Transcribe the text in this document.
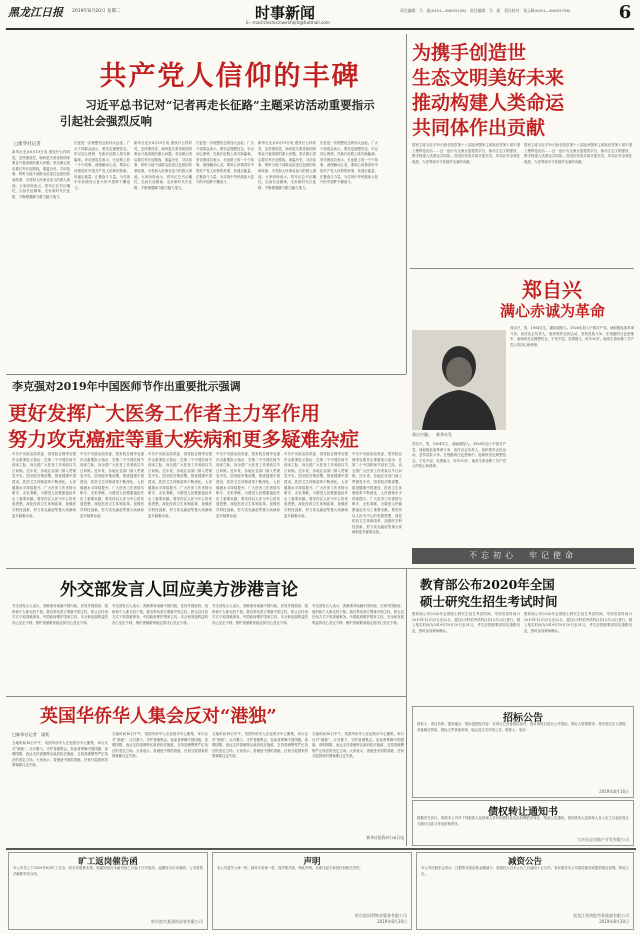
黑龙江日报	2019年8月20日 星期二	时事新闻
E—mail:shishixinwenhljrb@hotmail.com
责任编辑：马　超(0451—84655156)　责任编辑：马　超　责任校对：张云峰(0451—84655756)	6
共产党人信仰的丰碑
习近平总书记对“记者再走长征路”主题采访活动重要指示
引起社会强烈反响
□新华社记者
新华社北京8月19日电 建设什么样的党，怎样建设党，始终是关系党和国家事业兴衰成败的重大问题。采访团记者沿着红军长征路线，重温历史，寻访故事，聆听当地干部群众讲述红色基因传承故事，为党和人民事业奋斗的感人事迹。大家纷纷表示，将牢记总书记嘱托，弘扬长征精神，走好新时代长征路，不断增强脚力眼力脑力笔力。
长征是一次理想信念的伟大远征。广大干部群众表示，要坚定理想信念，牢记初心使命，在新长征路上续写新篇章。采访团成员表示，长征路上的一个个故事，深深触动心灵，要用心用情讲好中国共产党人信仰的故事，传递正能量，汇聚奋斗力量，为实现中华民族伟大复兴的中国梦不懈奋斗。
新华社北京8月19日电 建设什么样的党，怎样建设党，始终是关系党和国家事业兴衰成败的重大问题。采访团记者沿着红军长征路线，重温历史，寻访故事，聆听当地干部群众讲述红色基因传承故事，为党和人民事业奋斗的感人事迹。大家纷纷表示，将牢记总书记嘱托，弘扬长征精神，走好新时代长征路，不断增强脚力眼力脑力笔力。
长征是一次理想信念的伟大远征。广大干部群众表示，要坚定理想信念，牢记初心使命，在新长征路上续写新篇章。采访团成员表示，长征路上的一个个故事，深深触动心灵，要用心用情讲好中国共产党人信仰的故事，传递正能量，汇聚奋斗力量，为实现中华民族伟大复兴的中国梦不懈奋斗。
新华社北京8月19日电 建设什么样的党，怎样建设党，始终是关系党和国家事业兴衰成败的重大问题。采访团记者沿着红军长征路线，重温历史，寻访故事，聆听当地干部群众讲述红色基因传承故事，为党和人民事业奋斗的感人事迹。大家纷纷表示，将牢记总书记嘱托，弘扬长征精神，走好新时代长征路，不断增强脚力眼力脑力笔力。
长征是一次理想信念的伟大远征。广大干部群众表示，要坚定理想信念，牢记初心使命，在新长征路上续写新篇章。采访团成员表示，长征路上的一个个故事，深深触动心灵，要用心用情讲好中国共产党人信仰的故事，传递正能量，汇聚奋斗力量，为实现中华民族伟大复兴的中国梦不懈奋斗。
为携手创造世
生态文明美好未来
推动构建人类命运
共同体作出贡献
国家主席习近平19日致信祝贺第十八届亚洲国家主席致信贺第十届中国工程科技论坛……这一论坛为交流互鉴提供平台，推动生态文明建设，携手构建人类命运共同体。各国应坚持共商共建共享，共同应对全球性挑战，为世界和平与发展作出新的贡献。
国家主席习近平19日致信祝贺第十八届亚洲国家主席致信贺第十届中国工程科技论坛……这一论坛为交流互鉴提供平台，推动生态文明建设，携手构建人类命运共同体。各国应坚持共商共建共享，共同应对全球性挑战，为世界和平与发展作出新的贡献。
郑自兴
满心赤诚为革命
郑自兴像。　新华社发
郑自兴，男，1904年生，湖南浏阳人。1926年加入中国共产党。他积极参加革命斗争，担任农会负责人，组织领导农民运动，坚持武装斗争。在残酷的白色恐怖中，他始终坚定理想信念，宁死不屈，英勇就义，时年30岁。他用生命诠释了共产党人的初心和使命。
郑自兴，男，1904年生，湖南浏阳人。1926年加入中国共产党。他积极参加革命斗争，担任农会负责人，组织领导农民运动，坚持武装斗争。在残酷的白色恐怖中，他始终坚定理想信念，宁死不屈，英勇就义，时年30岁。他用生命诠释了共产党人的初心和使命。
不忘初心　牢记使命
李克强对2019年中国医师节作出重要批示强调
更好发挥广大医务工作者主力军作用
努力攻克癌症等重大疾病和更多疑难杂症
中共中央政治局常委、国务院总理李克强作出重要批示指出：在第二个中国医师节到来之际，向全国广大医务工作者致以节日问候。近年来，各地区各部门深入贯彻党中央、国务院决策部署，推进健康中国建设，医药卫生体制改革不断深化，人民健康水平持续提升。广大医务工作者恪尽职守、无私奉献，为增进人民健康福祉作出了重要贡献。要坚持以人民为中心的发展思想，深化医药卫生体制改革，加强医学科技创新，努力攻克癌症等重大疾病和更多疑难杂症。
中共中央政治局常委、国务院总理李克强作出重要批示指出：在第二个中国医师节到来之际，向全国广大医务工作者致以节日问候。近年来，各地区各部门深入贯彻党中央、国务院决策部署，推进健康中国建设，医药卫生体制改革不断深化，人民健康水平持续提升。广大医务工作者恪尽职守、无私奉献，为增进人民健康福祉作出了重要贡献。要坚持以人民为中心的发展思想，深化医药卫生体制改革，加强医学科技创新，努力攻克癌症等重大疾病和更多疑难杂症。
中共中央政治局常委、国务院总理李克强作出重要批示指出：在第二个中国医师节到来之际，向全国广大医务工作者致以节日问候。近年来，各地区各部门深入贯彻党中央、国务院决策部署，推进健康中国建设，医药卫生体制改革不断深化，人民健康水平持续提升。广大医务工作者恪尽职守、无私奉献，为增进人民健康福祉作出了重要贡献。要坚持以人民为中心的发展思想，深化医药卫生体制改革，加强医学科技创新，努力攻克癌症等重大疾病和更多疑难杂症。
中共中央政治局常委、国务院总理李克强作出重要批示指出：在第二个中国医师节到来之际，向全国广大医务工作者致以节日问候。近年来，各地区各部门深入贯彻党中央、国务院决策部署，推进健康中国建设，医药卫生体制改革不断深化，人民健康水平持续提升。广大医务工作者恪尽职守、无私奉献，为增进人民健康福祉作出了重要贡献。要坚持以人民为中心的发展思想，深化医药卫生体制改革，加强医学科技创新，努力攻克癌症等重大疾病和更多疑难杂症。
中共中央政治局常委、国务院总理李克强作出重要批示指出：在第二个中国医师节到来之际，向全国广大医务工作者致以节日问候。近年来，各地区各部门深入贯彻党中央、国务院决策部署，推进健康中国建设，医药卫生体制改革不断深化，人民健康水平持续提升。广大医务工作者恪尽职守、无私奉献，为增进人民健康福祉作出了重要贡献。要坚持以人民为中心的发展思想，深化医药卫生体制改革，加强医学科技创新，努力攻克癌症等重大疾病和更多疑难杂症。
中共中央政治局常委、国务院总理李克强作出重要批示指出：在第二个中国医师节到来之际，向全国广大医务工作者致以节日问候。近年来，各地区各部门深入贯彻党中央、国务院决策部署，推进健康中国建设，医药卫生体制改革不断深化，人民健康水平持续提升。广大医务工作者恪尽职守、无私奉献，为增进人民健康福祉作出了重要贡献。要坚持以人民为中心的发展思想，深化医药卫生体制改革，加强医学科技创新，努力攻克癌症等重大疾病和更多疑难杂症。
外交部发言人回应美方涉港言论
外交部发言人表示，香港事务纯属中国内政，任何外国政府、组织和个人都无权干预。我们奉劝美方尊重中国主权，停止以任何方式干预香港事务。中国政府维护国家主权、安全和发展利益的决心坚定不移，维护香港繁荣稳定的决心坚定不移。
外交部发言人表示，香港事务纯属中国内政，任何外国政府、组织和个人都无权干预。我们奉劝美方尊重中国主权，停止以任何方式干预香港事务。中国政府维护国家主权、安全和发展利益的决心坚定不移，维护香港繁荣稳定的决心坚定不移。
外交部发言人表示，香港事务纯属中国内政，任何外国政府、组织和个人都无权干预。我们奉劝美方尊重中国主权，停止以任何方式干预香港事务。中国政府维护国家主权、安全和发展利益的决心坚定不移，维护香港繁荣稳定的决心坚定不移。
外交部发言人表示，香港事务纯属中国内政，任何外国政府、组织和个人都无权干预。我们奉劝美方尊重中国主权，停止以任何方式干预香港事务。中国政府维护国家主权、安全和发展利益的决心坚定不移，维护香港繁荣稳定的决心坚定不移。
英国华侨华人集会反对“港独”
□新华社记者　梁兆
当地时间18日中午，英国华侨华人在伦敦市中心聚集，举行反对“港独”、反对暴力、守护香港集会。参加者挥舞中国国旗，高唱国歌，表达支持香港特区政府依法施政、支持香港警察严正执法的坚定立场。大家表示，香港是中国的香港，任何分裂国家的图谋都注定失败。
当地时间18日中午，英国华侨华人在伦敦市中心聚集，举行反对“港独”、反对暴力、守护香港集会。参加者挥舞中国国旗，高唱国歌，表达支持香港特区政府依法施政、支持香港警察严正执法的坚定立场。大家表示，香港是中国的香港，任何分裂国家的图谋都注定失败。
当地时间18日中午，英国华侨华人在伦敦市中心聚集，举行反对“港独”、反对暴力、守护香港集会。参加者挥舞中国国旗，高唱国歌，表达支持香港特区政府依法施政、支持香港警察严正执法的坚定立场。大家表示，香港是中国的香港，任何分裂国家的图谋都注定失败。
当地时间18日中午，英国华侨华人在伦敦市中心聚集，举行反对“港独”、反对暴力、守护香港集会。参加者挥舞中国国旗，高唱国歌，表达支持香港特区政府依法施政、支持香港警察严正执法的坚定立场。大家表示，香港是中国的香港，任何分裂国家的图谋都注定失败。
新华社伦敦8月18日电
教育部公布2020年全国
硕士研究生招生考试时间
教育部公布2020年全国硕士研究生招生考试时间。考试初试时间为2019年12月21日至22日，超过3小时的考试科目在12月23日进行。网上报名时间为2019年10月10日至31日。考生应按照要求如实填报信息，按时参加现场确认。
教育部公布2020年全国硕士研究生招生考试时间。考试初试时间为2019年12月21日至22日，超过3小时的考试科目在12月23日进行。网上报名时间为2019年10月10日至31日。考生应按照要求如实填报信息，按时参加现场确认。
招标公告
招标人：项目名称：建设地点：招标范围及内容：本项目已具备招标条件，现对该项目进行公开招标。投标人资格要求：具有独立法人资格，具备相应资质。招标文件获取时间、地点及方式详见公告。联系人：电话：
2019年8月16日
债权转让通知书
根据有关协议，现将本公司对下列借款人及担保人享有的债权及其从权利依法转让，特此公告通知。请各债务人及担保人自公告之日起向受让方履行还款义务及担保责任。
大庆佳垚房地产开发有限公司
旷工返岗催告函
本公司员工于2019年8月旷工至今，经多次联系未果。现通知其在本函刊登之日起十日内返岗，逾期视为自动离职，公司将依法解除劳动合同。
哈尔滨市某建筑安装有限公司
声明
本公司遗失公章一枚、财务专用章一枚，现声明作废，特此声明。自即日起不承担任何相关责任。
哈尔滨同利物业服务有限公司
2019年8月20日
减资公告
本公司经股东会决议，注册资本拟由原金额减少。请债权人自本公告之日起四十五日内，有权要求本公司清偿债务或提供相应担保。特此公告。
黑龙江省鸿程劳务派遣有限公司
2019年8月20日
